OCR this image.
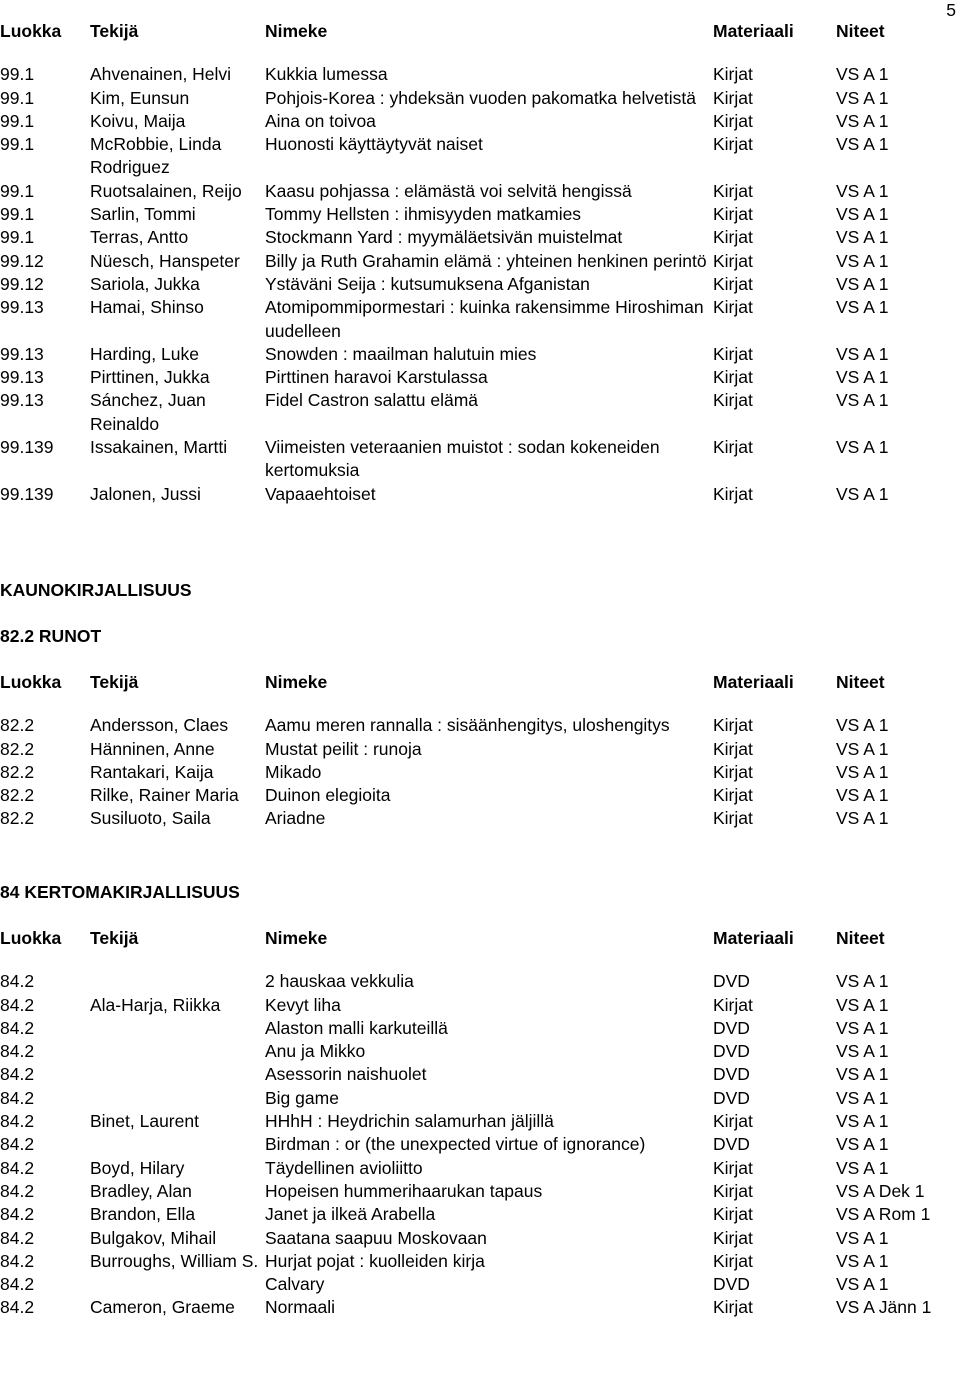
5
Luokka	Tekijä	Nimeke	Materiaali	Niteet
99.1	Ahvenainen, Helvi	Kukkia lumessa	Kirjat	VS A 1
99.1	Kim, Eunsun	Pohjois-Korea : yhdeksän vuoden pakomatka helvetistä	Kirjat	VS A 1
99.1	Koivu, Maija	Aina on toivoa	Kirjat	VS A 1
99.1	McRobbie, Linda Rodriguez	Huonosti käyttäytyvät naiset	Kirjat	VS A 1
99.1	Ruotsalainen, Reijo	Kaasu pohjassa : elämästä voi selvitä hengissä	Kirjat	VS A 1
99.1	Sarlin, Tommi	Tommy Hellsten : ihmisyyden matkamies	Kirjat	VS A 1
99.1	Terras, Antto	Stockmann Yard : myymäläetsivän muistelmat	Kirjat	VS A 1
99.12	Nüesch, Hanspeter	Billy ja Ruth Grahamin elämä : yhteinen henkinen perintö	Kirjat	VS A 1
99.12	Sariola, Jukka	Ystäväni Seija : kutsumuksena Afganistan	Kirjat	VS A 1
99.13	Hamai, Shinso	Atomipommipormestari : kuinka rakensimme Hiroshiman uudelleen	Kirjat	VS A 1
99.13	Harding, Luke	Snowden : maailman halutuin mies	Kirjat	VS A 1
99.13	Pirttinen, Jukka	Pirttinen haravoi Karstulassa	Kirjat	VS A 1
99.13	Sánchez, Juan Reinaldo	Fidel Castron salattu elämä	Kirjat	VS A 1
99.139	Issakainen, Martti	Viimeisten veteraanien muistot : sodan kokeneiden kertomuksia	Kirjat	VS A 1
99.139	Jalonen, Jussi	Vapaaehtoiset	Kirjat	VS A 1
KAUNOKIRJALLISUUS
82.2 RUNOT
Luokka	Tekijä	Nimeke	Materiaali	Niteet
82.2	Andersson, Claes	Aamu meren rannalla : sisäänhengitys, uloshengitys	Kirjat	VS A 1
82.2	Hänninen, Anne	Mustat peilit : runoja	Kirjat	VS A 1
82.2	Rantakari, Kaija	Mikado	Kirjat	VS A 1
82.2	Rilke, Rainer Maria	Duinon elegioita	Kirjat	VS A 1
82.2	Susiluoto, Saila	Ariadne	Kirjat	VS A 1
84 KERTOMAKIRJALLISUUS
Luokka	Tekijä	Nimeke	Materiaali	Niteet
84.2		2 hauskaa vekkulia	DVD	VS A 1
84.2	Ala-Harja, Riikka	Kevyt liha	Kirjat	VS A 1
84.2		Alaston malli karkuteillä	DVD	VS A 1
84.2		Anu ja Mikko	DVD	VS A 1
84.2		Asessorin naishuolet	DVD	VS A 1
84.2		Big game	DVD	VS A 1
84.2	Binet, Laurent	HHhH : Heydrichin salamurhan jäljillä	Kirjat	VS A 1
84.2		Birdman : or (the unexpected virtue of ignorance)	DVD	VS A 1
84.2	Boyd, Hilary	Täydellinen avioliitto	Kirjat	VS A 1
84.2	Bradley, Alan	Hopeisen hummerihaarukan tapaus	Kirjat	VS A Dek 1
84.2	Brandon, Ella	Janet ja ilkeä Arabella	Kirjat	VS A Rom 1
84.2	Bulgakov, Mihail	Saatana saapuu Moskovaan	Kirjat	VS A 1
84.2	Burroughs, William S.	Hurjat pojat : kuolleiden kirja	Kirjat	VS A 1
84.2		Calvary	DVD	VS A 1
84.2	Cameron, Graeme	Normaali	Kirjat	VS A Jänn 1
